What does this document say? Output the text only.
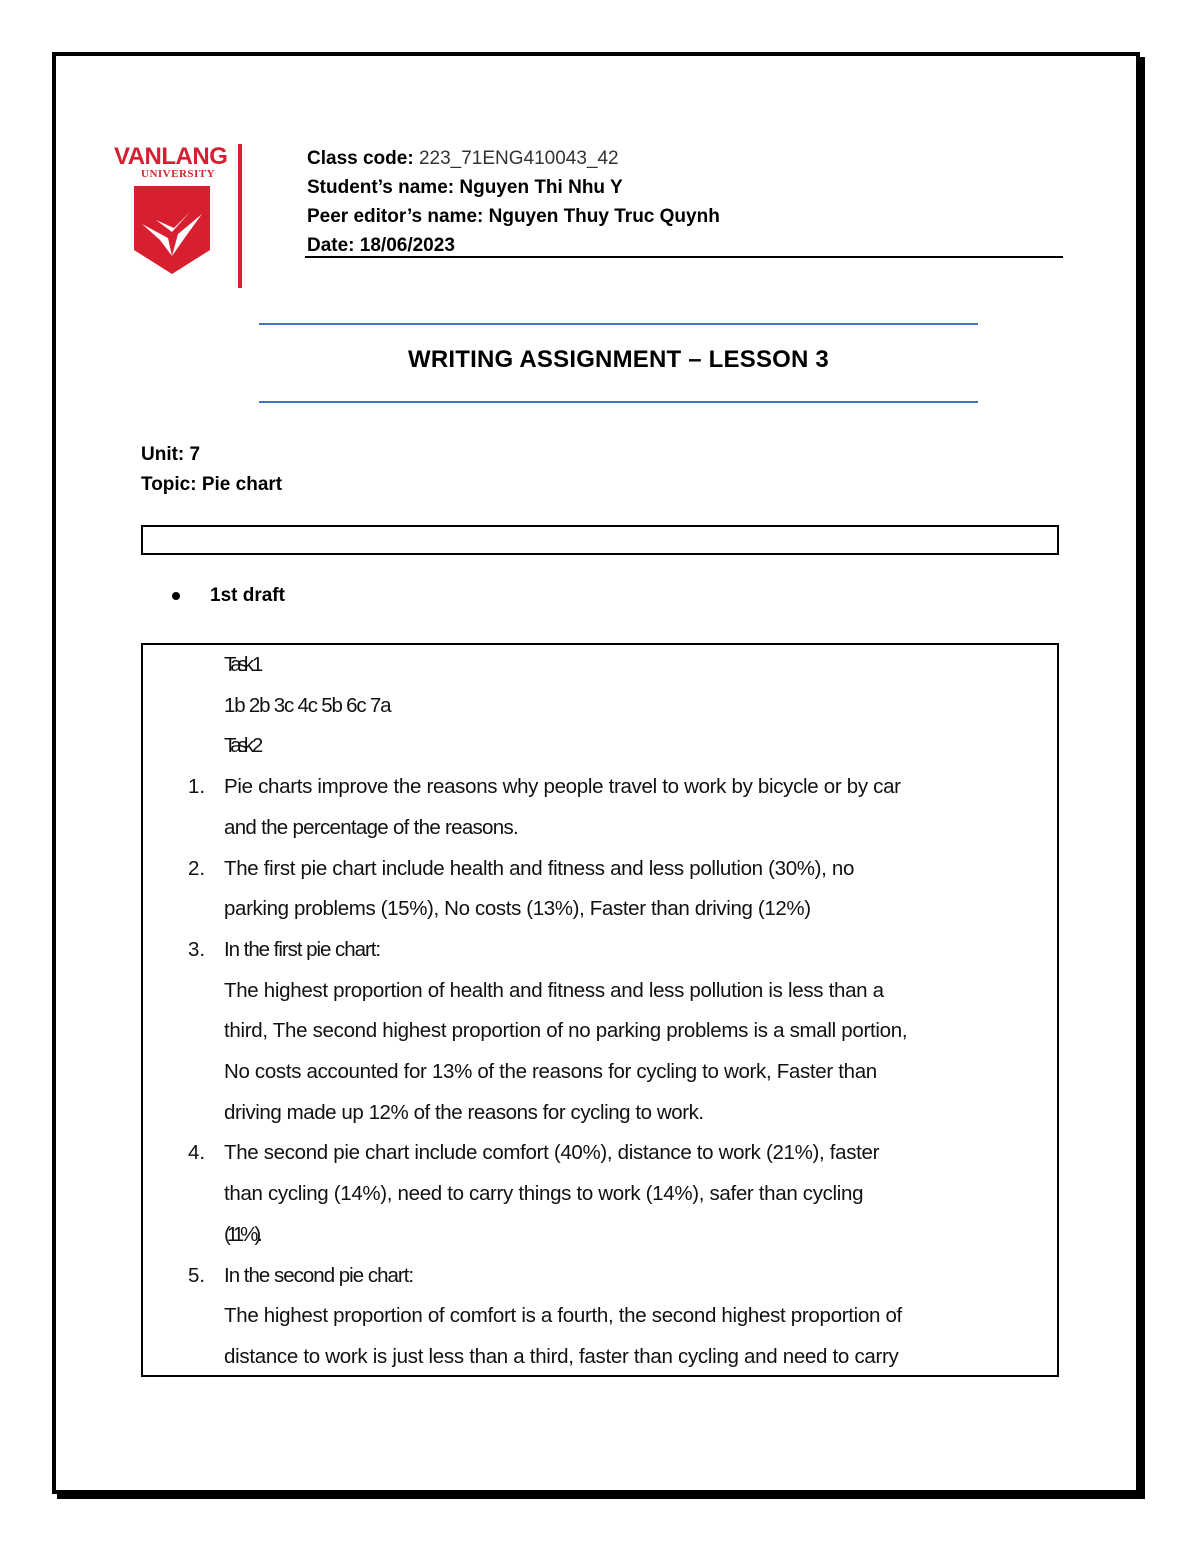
VANLANG
UNIVERSITY
Class code: 223_71ENG410043_42
Student’s name: Nguyen Thi Nhu Y
Peer editor’s name: Nguyen Thuy Truc Quynh
Date: 18/06/2023
WRITING ASSIGNMENT – LESSON 3
Unit: 7
Topic: Pie chart
1st draft
Task 1
1b 2b 3c 4c 5b 6c 7a
Task 2
1. Pie charts improve the reasons why people travel to work by bicycle or by car
and the percentage of the reasons.
2. The first pie chart include health and fitness and less pollution (30%), no
parking problems (15%), No costs (13%), Faster than driving (12%)
3. In the first pie chart:
The highest proportion of health and fitness and less pollution is less than a
third, The second highest proportion of no parking problems is a small portion,
No costs accounted for 13% of the reasons for cycling to work, Faster than
driving made up 12% of the reasons for cycling to work.
4. The second pie chart include comfort (40%), distance to work (21%), faster
than cycling (14%), need to carry things to work (14%), safer than cycling
(11%).
5. In the second pie chart:
The highest proportion of comfort is a fourth, the second highest proportion of
distance to work is just less than a third, faster than cycling and need to carry
